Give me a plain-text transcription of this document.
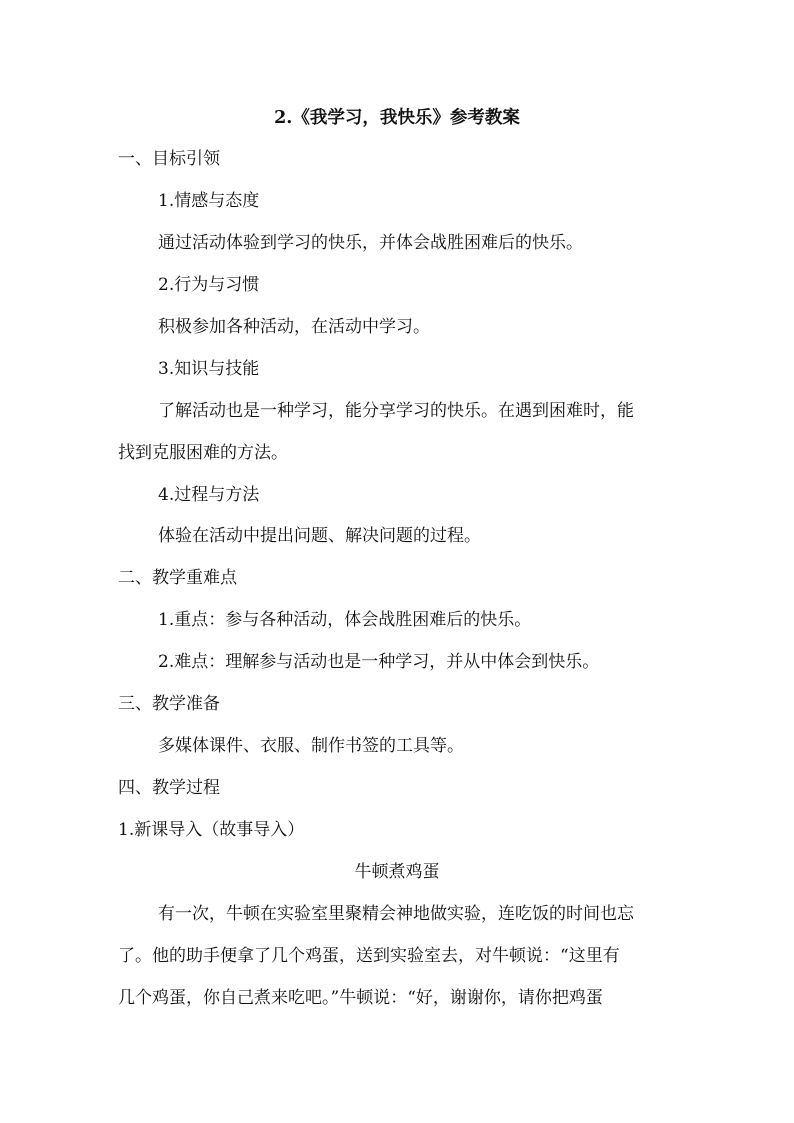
2.《我学习，我快乐》参考教案
一、目标引领
1.情感与态度
通过活动体验到学习的快乐，并体会战胜困难后的快乐。
2.行为与习惯
积极参加各种活动，在活动中学习。
3.知识与技能
了解活动也是一种学习，能分享学习的快乐。在遇到困难时，能
找到克服困难的方法。
4.过程与方法
体验在活动中提出问题、解决问题的过程。
二、教学重难点
1.重点：参与各种活动，体会战胜困难后的快乐。
2.难点：理解参与活动也是一种学习，并从中体会到快乐。
三、教学准备
多媒体课件、衣服、制作书签的工具等。
四、教学过程
1.新课导入（故事导入）
牛顿煮鸡蛋
有一次，牛顿在实验室里聚精会神地做实验，连吃饭的时间也忘
了。他的助手便拿了几个鸡蛋，送到实验室去，对牛顿说：“这里有
几个鸡蛋，你自己煮来吃吧。”牛顿说：“好，谢谢你，请你把鸡蛋
